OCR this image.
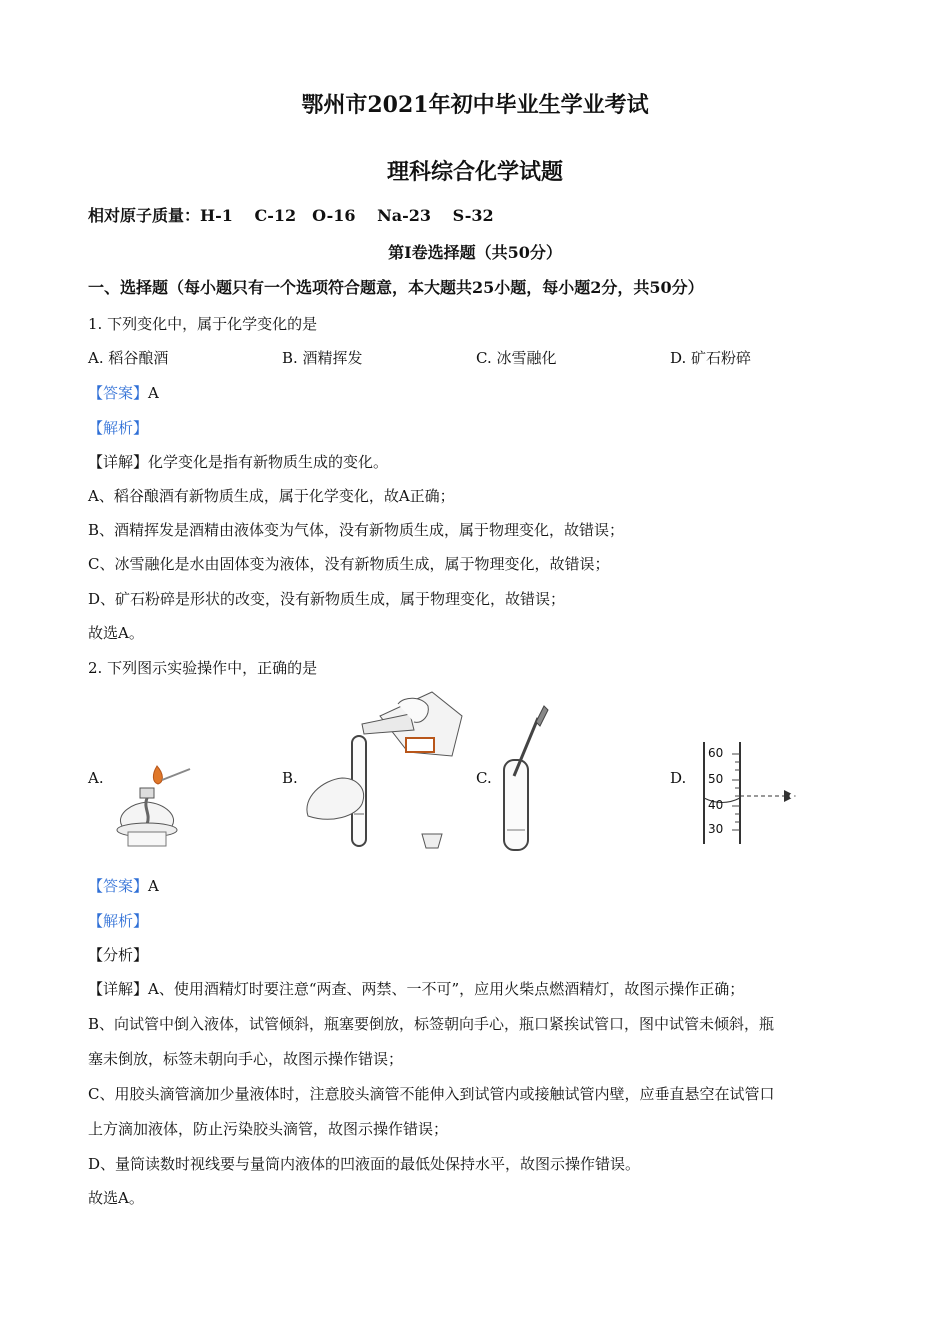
鄂州市2021年初中毕业生学业考试
理科综合化学试题
相对原子质量：H-1　 C-12　O-16　 Na-23　 S-32
第Ⅰ卷选择题（共50分）
一、选择题（每小题只有一个选项符合题意，本大题共25小题，每小题2分，共50分）
1. 下列变化中，属于化学变化的是
A. 稻谷酿酒	B. 酒精挥发	C. 冰雪融化	D. 矿石粉碎
【答案】A
【解析】
【详解】化学变化是指有新物质生成的变化。
A、稻谷酿酒有新物质生成，属于化学变化，故A正确；
B、酒精挥发是酒精由液体变为气体，没有新物质生成，属于物理变化，故错误；
C、冰雪融化是水由固体变为液体，没有新物质生成，属于物理变化，故错误；
D、矿石粉碎是形状的改变，没有新物质生成，属于物理变化，故错误；
故选A。
2. 下列图示实验操作中，正确的是
A.	B.	C.	D.
60
50
40
30
【答案】A
【解析】
【分析】
【详解】A、使用酒精灯时要注意“两查、两禁、一不可”，应用火柴点燃酒精灯，故图示操作正确；
B、向试管中倒入液体，试管倾斜，瓶塞要倒放，标签朝向手心，瓶口紧挨试管口，图中试管未倾斜，瓶
塞未倒放，标签未朝向手心，故图示操作错误；
C、用胶头滴管滴加少量液体时，注意胶头滴管不能伸入到试管内或接触试管内壁，应垂直悬空在试管口
上方滴加液体，防止污染胶头滴管，故图示操作错误；
D、量筒读数时视线要与量筒内液体的凹液面的最低处保持水平，故图示操作错误。
故选A。
